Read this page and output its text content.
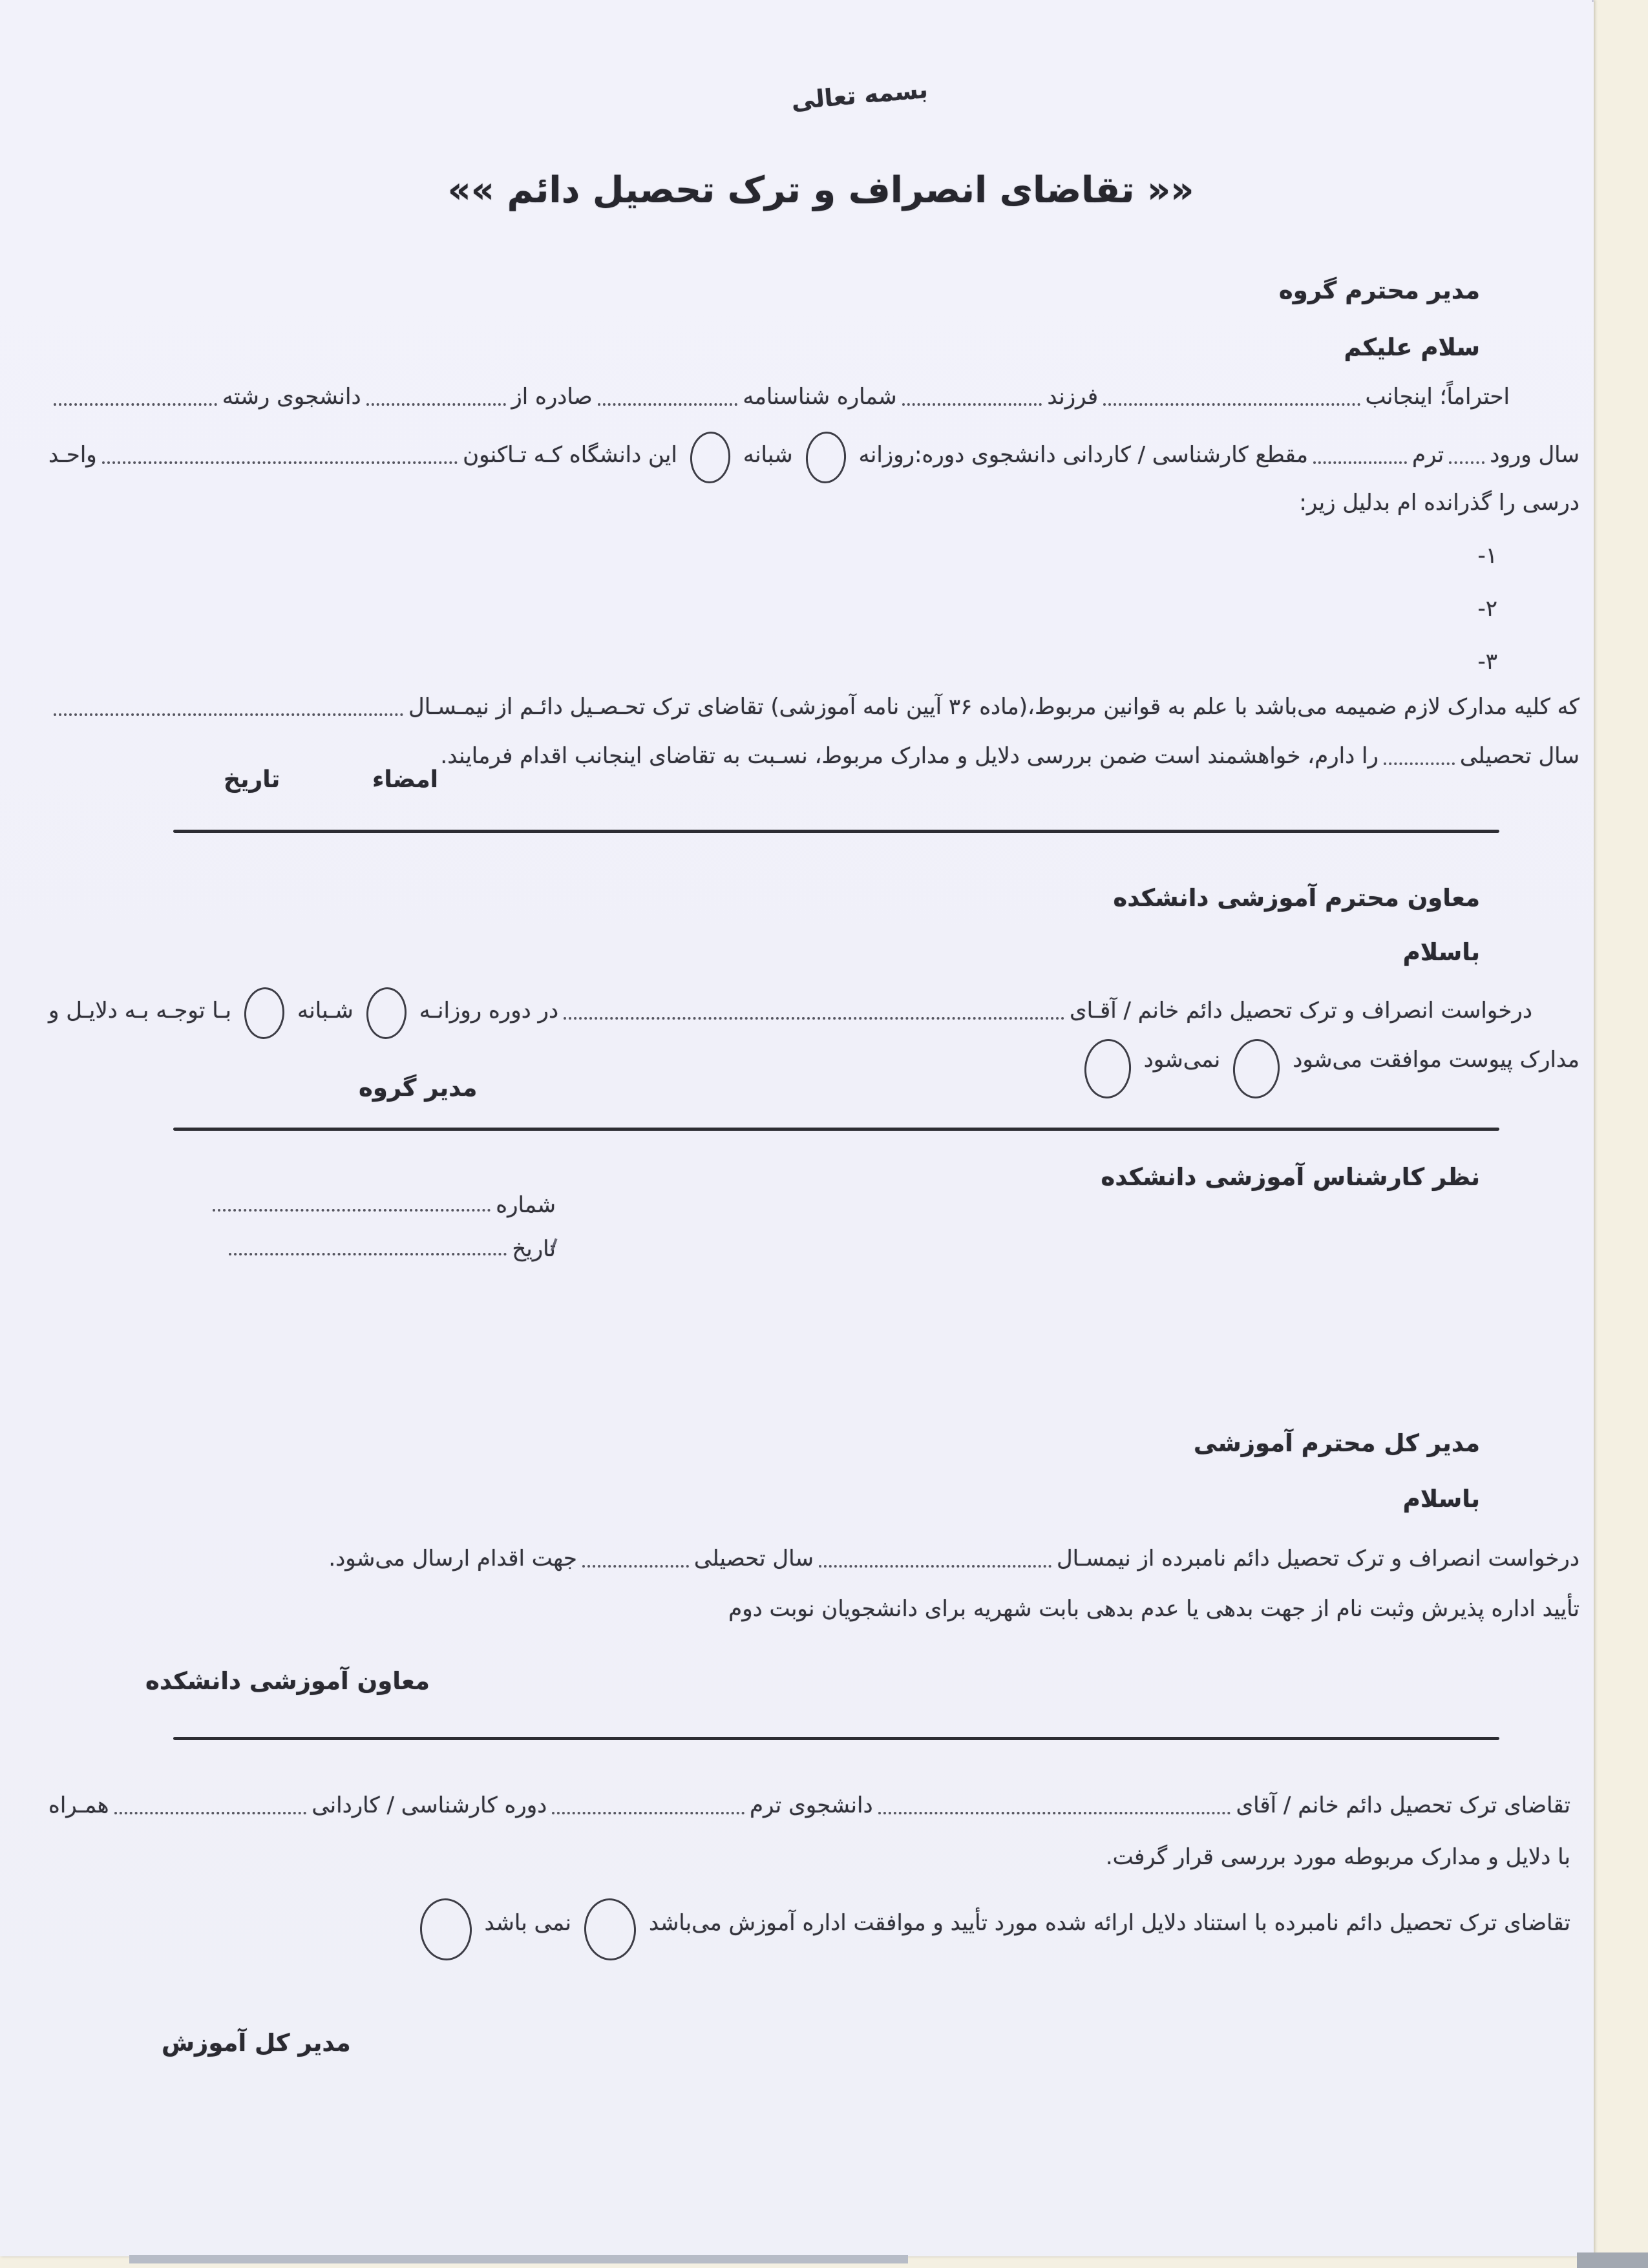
بسمه تعالی
«« تقاضای انصراف و ترک تحصیل دائم »»
مدیر محترم گروه
سلام علیکم
احتراماً؛ اینجانب
فرزند
شماره شناسنامه
صادره از
دانشجوی رشته
سال ورود
ترم
مقطع کارشناسی / کاردانی دانشجوی دوره:روزانه
شبانه
این دانشگاه کـه تـاکنون
واحـد
درسی را گذرانده ام بدلیل زیر:
۱-
۲-
۳-
که کلیه مدارک لازم ضمیمه می‌باشد با علم به قوانین مربوط،(ماده ۳۶ آیین نامه آموزشی) تقاضای ترک تحـصـیل دائـم از نیمـسـال
سال تحصیلی
را دارم، خواهشمند است ضمن بررسی دلایل و مدارک مربوط، نسـبت به تقاضای اینجانب اقدام فرمایند.
امضاء
تاریخ
معاون محترم آموزشی دانشکده
باسلام
درخواست انصراف و ترک تحصیل دائم خانم / آقـای
در دوره روزانـه
شـبانه
بـا توجـه بـه دلایـل و
مدارک پیوست موافقت می‌شود
نمی‌شود
مدیر گروه
نظر کارشناس آموزشی دانشکده
شماره
تاریخ
مدیر کل محترم آموزشی
باسلام
درخواست انصراف و ترک تحصیل دائم نامبرده از نیمسـال
سال تحصیلی
جهت اقدام ارسال می‌شود.
تأیید اداره پذیرش وثبت نام از جهت بدهی یا عدم بدهی بابت شهریه برای دانشجویان نوبت دوم
معاون آموزشی دانشکده
تقاضای ترک تحصیل دائم خانم / آقای
دانشجوی ترم
دوره کارشناسی / کاردانی
همـراه
با دلایل و مدارک مربوطه مورد بررسی قرار گرفت.
تقاضای ترک تحصیل دائم نامبرده با استناد دلایل ارائه شده مورد تأیید و موافقت اداره آموزش می‌باشد
نمی باشد
مدیر کل آموزش
